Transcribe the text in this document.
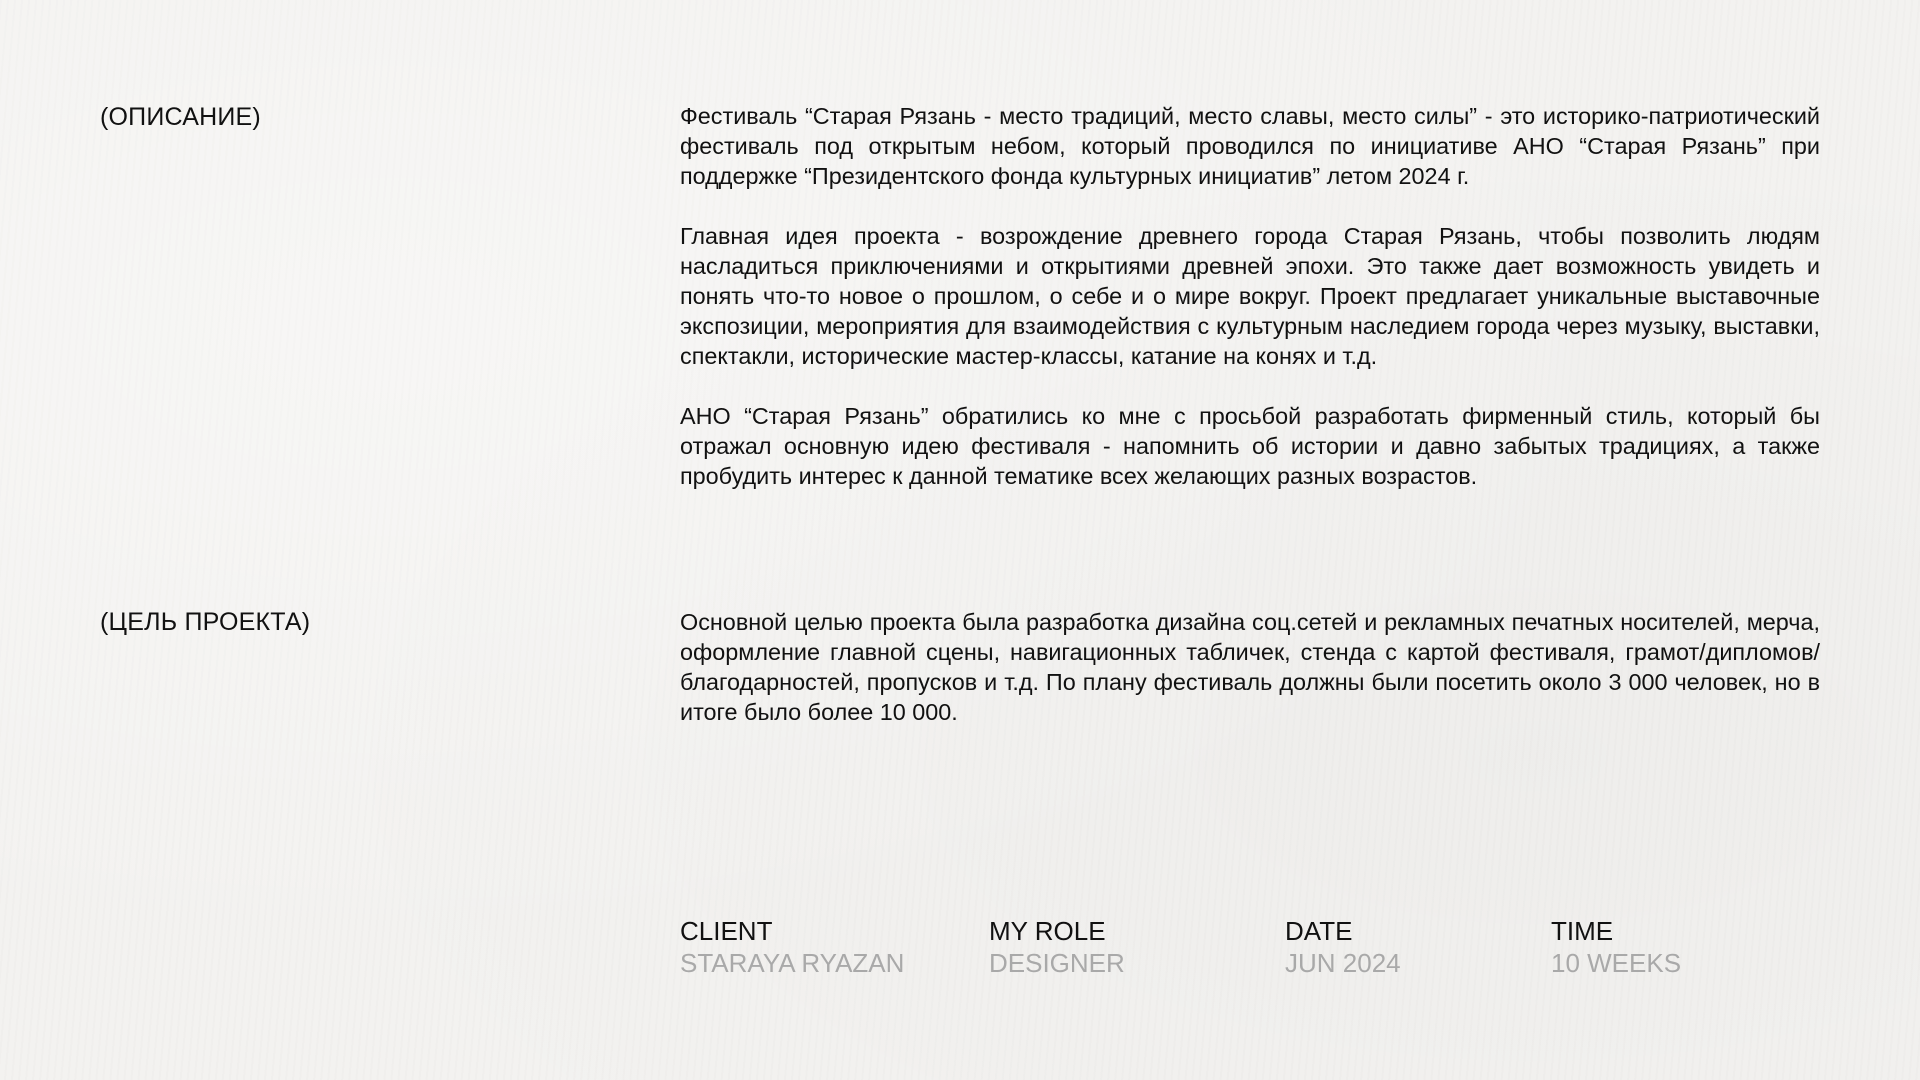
(ОПИСАНИЕ)	Фестиваль “Старая Рязань - место традиций, место славы, место силы” - это историко-патриотический фестиваль под открытым небом, который проводился по инициативе АНО “Старая Рязань” при поддержке “Президентского фонда культурных инициатив” летом 2024 г.

Главная идея проекта - возрождение древнего города Старая Рязань, чтобы позволить людям насладиться приключениями и открытиями древней эпохи. Это также дает возможность увидеть и понять что-то новое о прошлом, о себе и о мире вокруг. Проект предлагает уникальные выставочные экспозиции, мероприятия для взаимодействия с культурным наследием города через музыку, выставки, спектакли, исторические мастер-классы, катание на конях и т.д.

АНО “Старая Рязань” обратились ко мне с просьбой разработать фирменный стиль, который бы отражал основную идею фестиваля - напомнить об истории и давно забытых традициях, а также пробудить интерес к данной тематике всех желающих разных возрастов.

(ЦЕЛЬ ПРОЕКТА)	Основной целью проекта была разработка дизайна соц.сетей и рекламных печатных носителей, мерча, оформление главной сцены, навигационных табличек, стенда с картой фестиваля, грамот/дипломов/благодарностей, пропусков и т.д. По плану фестиваль должны были посетить около 3 000 человек, но в итоге было более 10 000.

CLIENT
STARAYA RYAZAN
MY ROLE
DESIGNER
DATE
JUN 2024
TIME
10 WEEKS
